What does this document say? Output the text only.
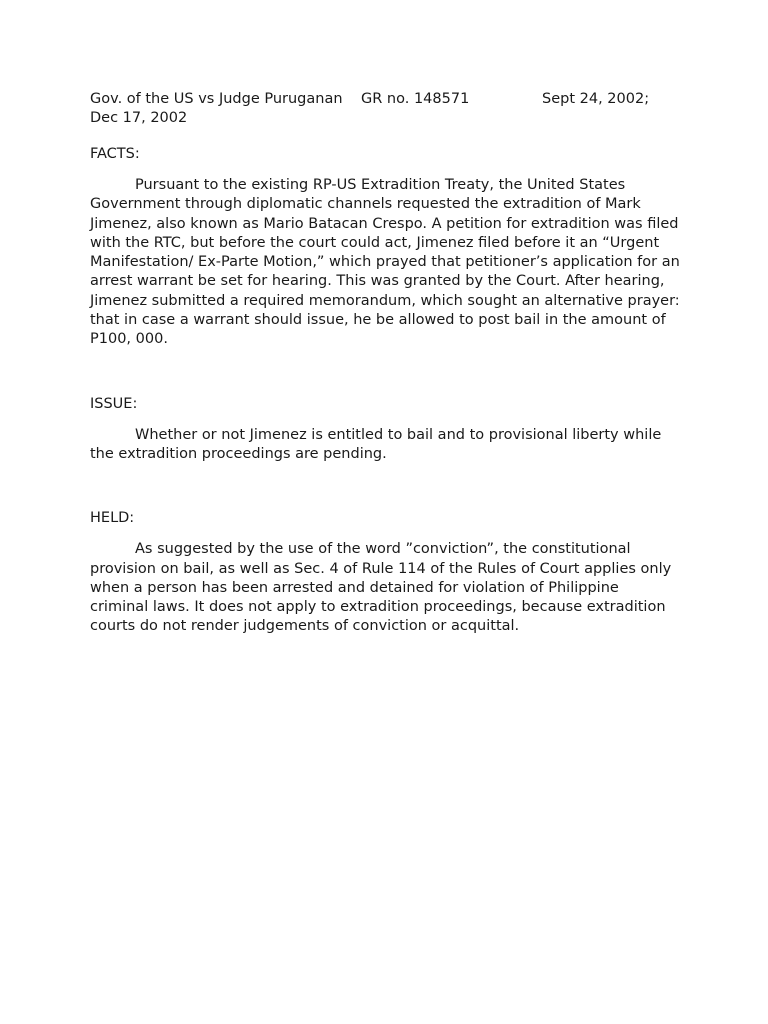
Sept 24, 2002; Dec 17, 2002
Gov. of the US vs Judge Puruganan GR no. 148571

FACTS:

Pursuant to the existing RP-US Extradition Treaty, the United States Government through diplomatic channels requested the extradition of Mark Jimenez, also known as Mario Batacan Crespo. A petition for extradition was filed with the RTC, but before the court could act, Jimenez filed before it an “Urgent Manifestation/ Ex-Parte Motion,” which prayed that petitioner’s application for an arrest warrant be set for hearing. This was granted by the Court. After hearing, Jimenez submitted a required memorandum, which sought an alternative prayer: that in case a warrant should issue, he be allowed to post bail in the amount of P100, 000.

ISSUE:

Whether or not Jimenez is entitled to bail and to provisional liberty while the extradition proceedings are pending.

HELD:

As suggested by the use of the word ”conviction”, the constitutional provision on bail, as well as Sec. 4 of Rule 114 of the Rules of Court applies only when a person has been arrested and detained for violation of Philippine criminal laws. It does not apply to extradition proceedings, because extradition courts do not render judgements of conviction or acquittal.
